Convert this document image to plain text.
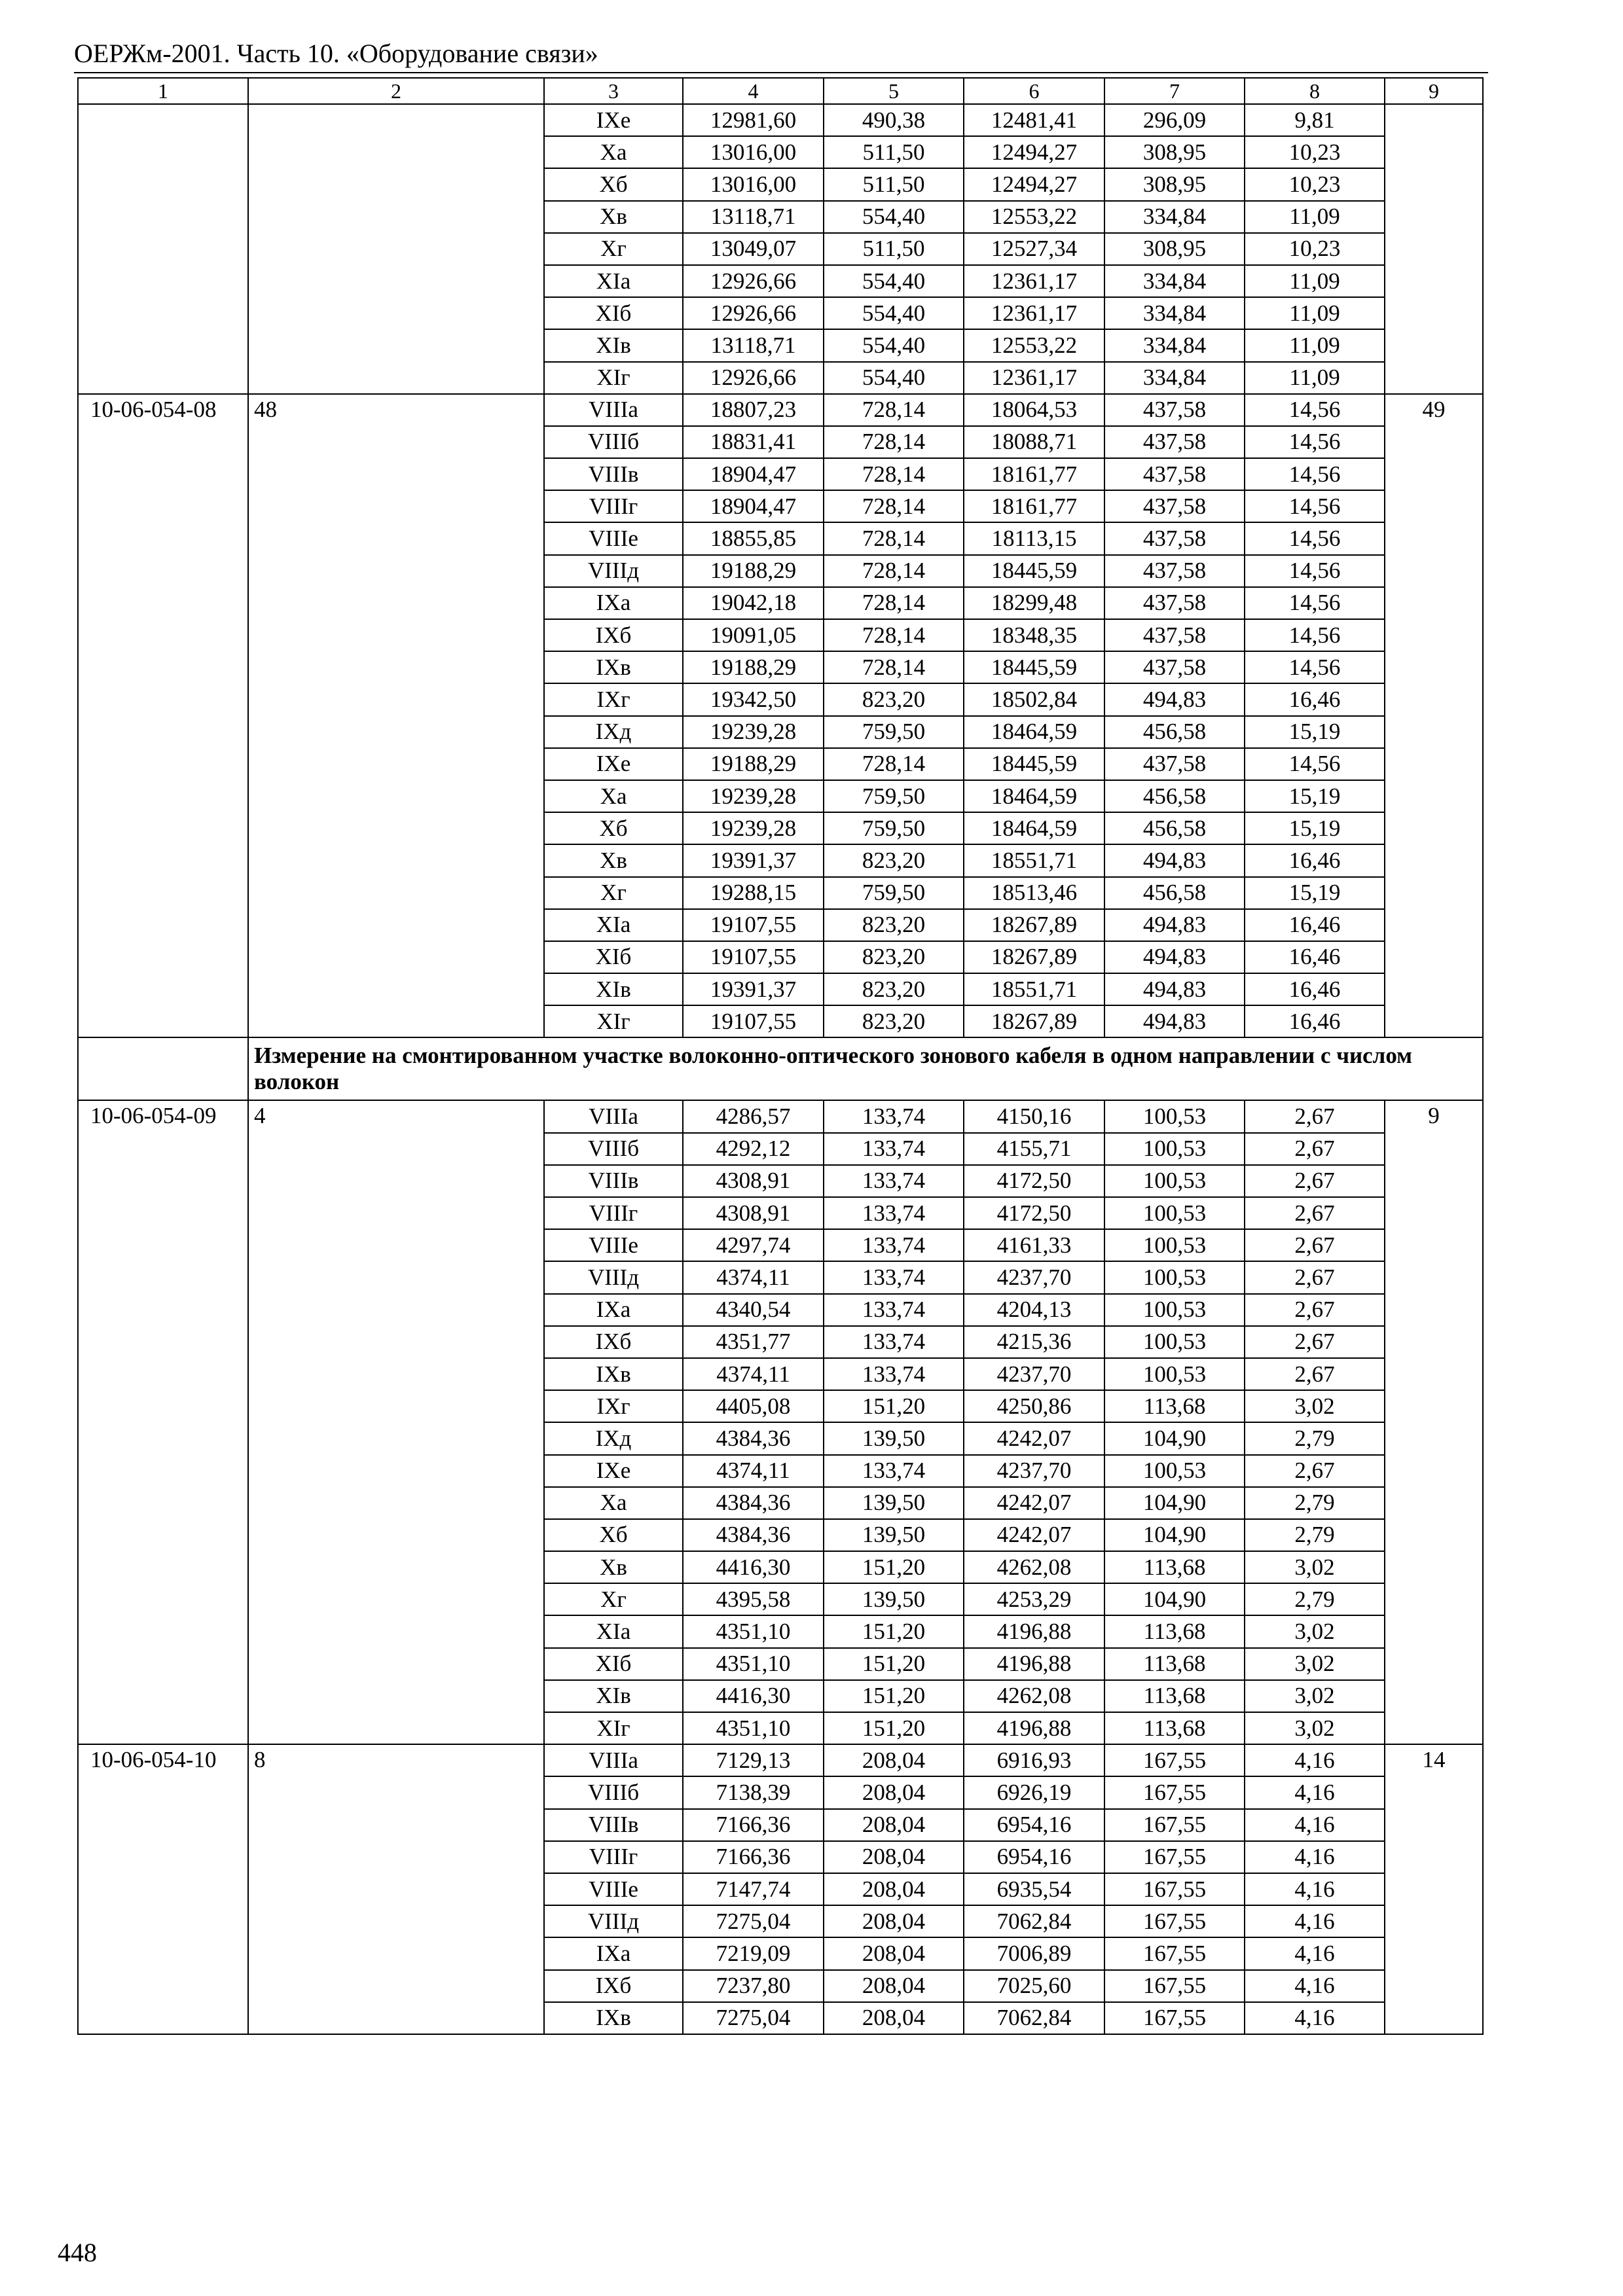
ОЕРЖм-2001. Часть 10. «Оборудование связи»
1	2	3	4	5	6	7	8	9
		IXе	12981,60	490,38	12481,41	296,09	9,81	
		Xа	13016,00	511,50	12494,27	308,95	10,23	
		Xб	13016,00	511,50	12494,27	308,95	10,23	
		Xв	13118,71	554,40	12553,22	334,84	11,09	
		Xг	13049,07	511,50	12527,34	308,95	10,23	
		XIа	12926,66	554,40	12361,17	334,84	11,09	
		XIб	12926,66	554,40	12361,17	334,84	11,09	
		XIв	13118,71	554,40	12553,22	334,84	11,09	
		XIг	12926,66	554,40	12361,17	334,84	11,09	
10-06-054-08	48	VIIIа	18807,23	728,14	18064,53	437,58	14,56	49
		VIIIб	18831,41	728,14	18088,71	437,58	14,56	
		VIIIв	18904,47	728,14	18161,77	437,58	14,56	
		VIIIг	18904,47	728,14	18161,77	437,58	14,56	
		VIIIе	18855,85	728,14	18113,15	437,58	14,56	
		VIIIд	19188,29	728,14	18445,59	437,58	14,56	
		IXа	19042,18	728,14	18299,48	437,58	14,56	
		IXб	19091,05	728,14	18348,35	437,58	14,56	
		IXв	19188,29	728,14	18445,59	437,58	14,56	
		IXг	19342,50	823,20	18502,84	494,83	16,46	
		IXд	19239,28	759,50	18464,59	456,58	15,19	
		IXе	19188,29	728,14	18445,59	437,58	14,56	
		Xа	19239,28	759,50	18464,59	456,58	15,19	
		Xб	19239,28	759,50	18464,59	456,58	15,19	
		Xв	19391,37	823,20	18551,71	494,83	16,46	
		Xг	19288,15	759,50	18513,46	456,58	15,19	
		XIа	19107,55	823,20	18267,89	494,83	16,46	
		XIб	19107,55	823,20	18267,89	494,83	16,46	
		XIв	19391,37	823,20	18551,71	494,83	16,46	
		XIг	19107,55	823,20	18267,89	494,83	16,46	
	Измерение на смонтированном участке волоконно-оптического зонового кабеля в одном направлении с числом волокон							
10-06-054-09	4	VIIIа	4286,57	133,74	4150,16	100,53	2,67	9
		VIIIб	4292,12	133,74	4155,71	100,53	2,67	
		VIIIв	4308,91	133,74	4172,50	100,53	2,67	
		VIIIг	4308,91	133,74	4172,50	100,53	2,67	
		VIIIе	4297,74	133,74	4161,33	100,53	2,67	
		VIIIд	4374,11	133,74	4237,70	100,53	2,67	
		IXа	4340,54	133,74	4204,13	100,53	2,67	
		IXб	4351,77	133,74	4215,36	100,53	2,67	
		IXв	4374,11	133,74	4237,70	100,53	2,67	
		IXг	4405,08	151,20	4250,86	113,68	3,02	
		IXд	4384,36	139,50	4242,07	104,90	2,79	
		IXе	4374,11	133,74	4237,70	100,53	2,67	
		Xа	4384,36	139,50	4242,07	104,90	2,79	
		Xб	4384,36	139,50	4242,07	104,90	2,79	
		Xв	4416,30	151,20	4262,08	113,68	3,02	
		Xг	4395,58	139,50	4253,29	104,90	2,79	
		XIа	4351,10	151,20	4196,88	113,68	3,02	
		XIб	4351,10	151,20	4196,88	113,68	3,02	
		XIв	4416,30	151,20	4262,08	113,68	3,02	
		XIг	4351,10	151,20	4196,88	113,68	3,02	
10-06-054-10	8	VIIIа	7129,13	208,04	6916,93	167,55	4,16	14
		VIIIб	7138,39	208,04	6926,19	167,55	4,16	
		VIIIв	7166,36	208,04	6954,16	167,55	4,16	
		VIIIг	7166,36	208,04	6954,16	167,55	4,16	
		VIIIе	7147,74	208,04	6935,54	167,55	4,16	
		VIIIд	7275,04	208,04	7062,84	167,55	4,16	
		IXа	7219,09	208,04	7006,89	167,55	4,16	
		IXб	7237,80	208,04	7025,60	167,55	4,16	
		IXв	7275,04	208,04	7062,84	167,55	4,16	
448
